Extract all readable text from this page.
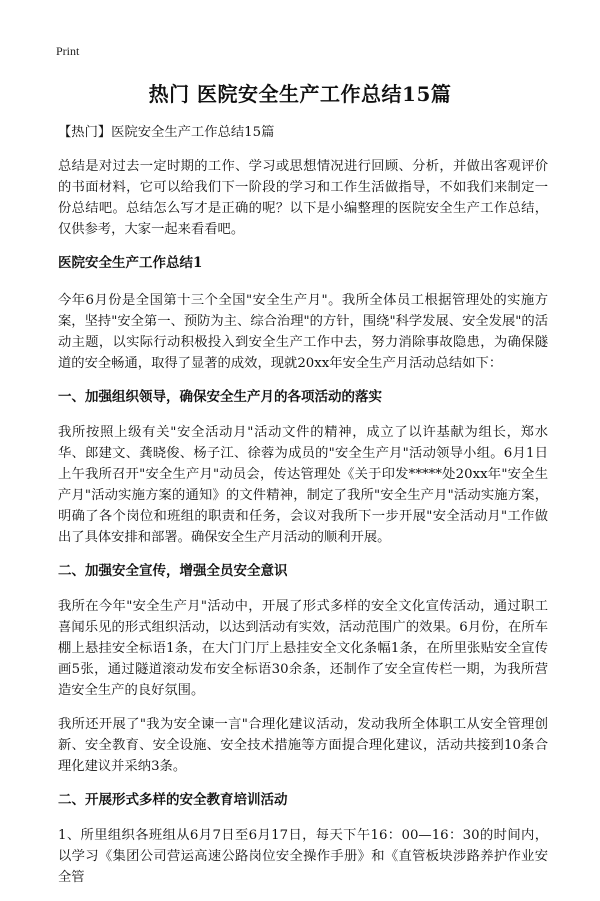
Print
热门 医院安全生产工作总结15篇
【热门】医院安全生产工作总结15篇

总结是对过去一定时期的工作、学习或思想情况进行回顾、分析，并做出客观评价的书面材料，它可以给我们下一阶段的学习和工作生活做指导，不如我们来制定一份总结吧。总结怎么写才是正确的呢？以下是小编整理的医院安全生产工作总结，仅供参考，大家一起来看看吧。

医院安全生产工作总结1

今年6月份是全国第十三个全国"安全生产月"。我所全体员工根据管理处的实施方案，坚持"安全第一、预防为主、综合治理"的方针，围绕"科学发展、安全发展"的活动主题，以实际行动积极投入到安全生产工作中去，努力消除事故隐患，为确保隧道的安全畅通，取得了显著的成效，现就20xx年安全生产月活动总结如下：

一、加强组织领导，确保安全生产月的各项活动的落实

我所按照上级有关"安全活动月"活动文件的精神，成立了以许基献为组长，郑水华、郎建文、龚晓俊、杨子江、徐蓉为成员的"安全生产月"活动领导小组。6月1日上午我所召开"安全生产月"动员会，传达管理处《关于印发*****处20xx年"安全生产月"活动实施方案的通知》的文件精神，制定了我所"安全生产月"活动实施方案，明确了各个岗位和班组的职责和任务，会议对我所下一步开展"安全活动月"工作做出了具体安排和部署。确保安全生产月活动的顺利开展。

二、加强安全宣传，增强全员安全意识

我所在今年"安全生产月"活动中，开展了形式多样的安全文化宣传活动，通过职工喜闻乐见的形式组织活动，以达到活动有实效，活动范围广的效果。6月份，在所车棚上悬挂安全标语1条，在大门门厅上悬挂安全文化条幅1条，在所里张贴安全宣传画5张，通过隧道滚动发布安全标语30余条，还制作了安全宣传栏一期，为我所营造安全生产的良好氛围。

我所还开展了"我为安全谏一言"合理化建议活动，发动我所全体职工从安全管理创新、安全教育、安全设施、安全技术措施等方面提合理化建议，活动共接到10条合理化建议并采纳3条。

二、开展形式多样的安全教育培训活动

1、所里组织各班组从6月7日至6月17日，每天下午16：00—16：30的时间内，以学习《集团公司营运高速公路岗位安全操作手册》和《直管板块涉路养护作业安全管
